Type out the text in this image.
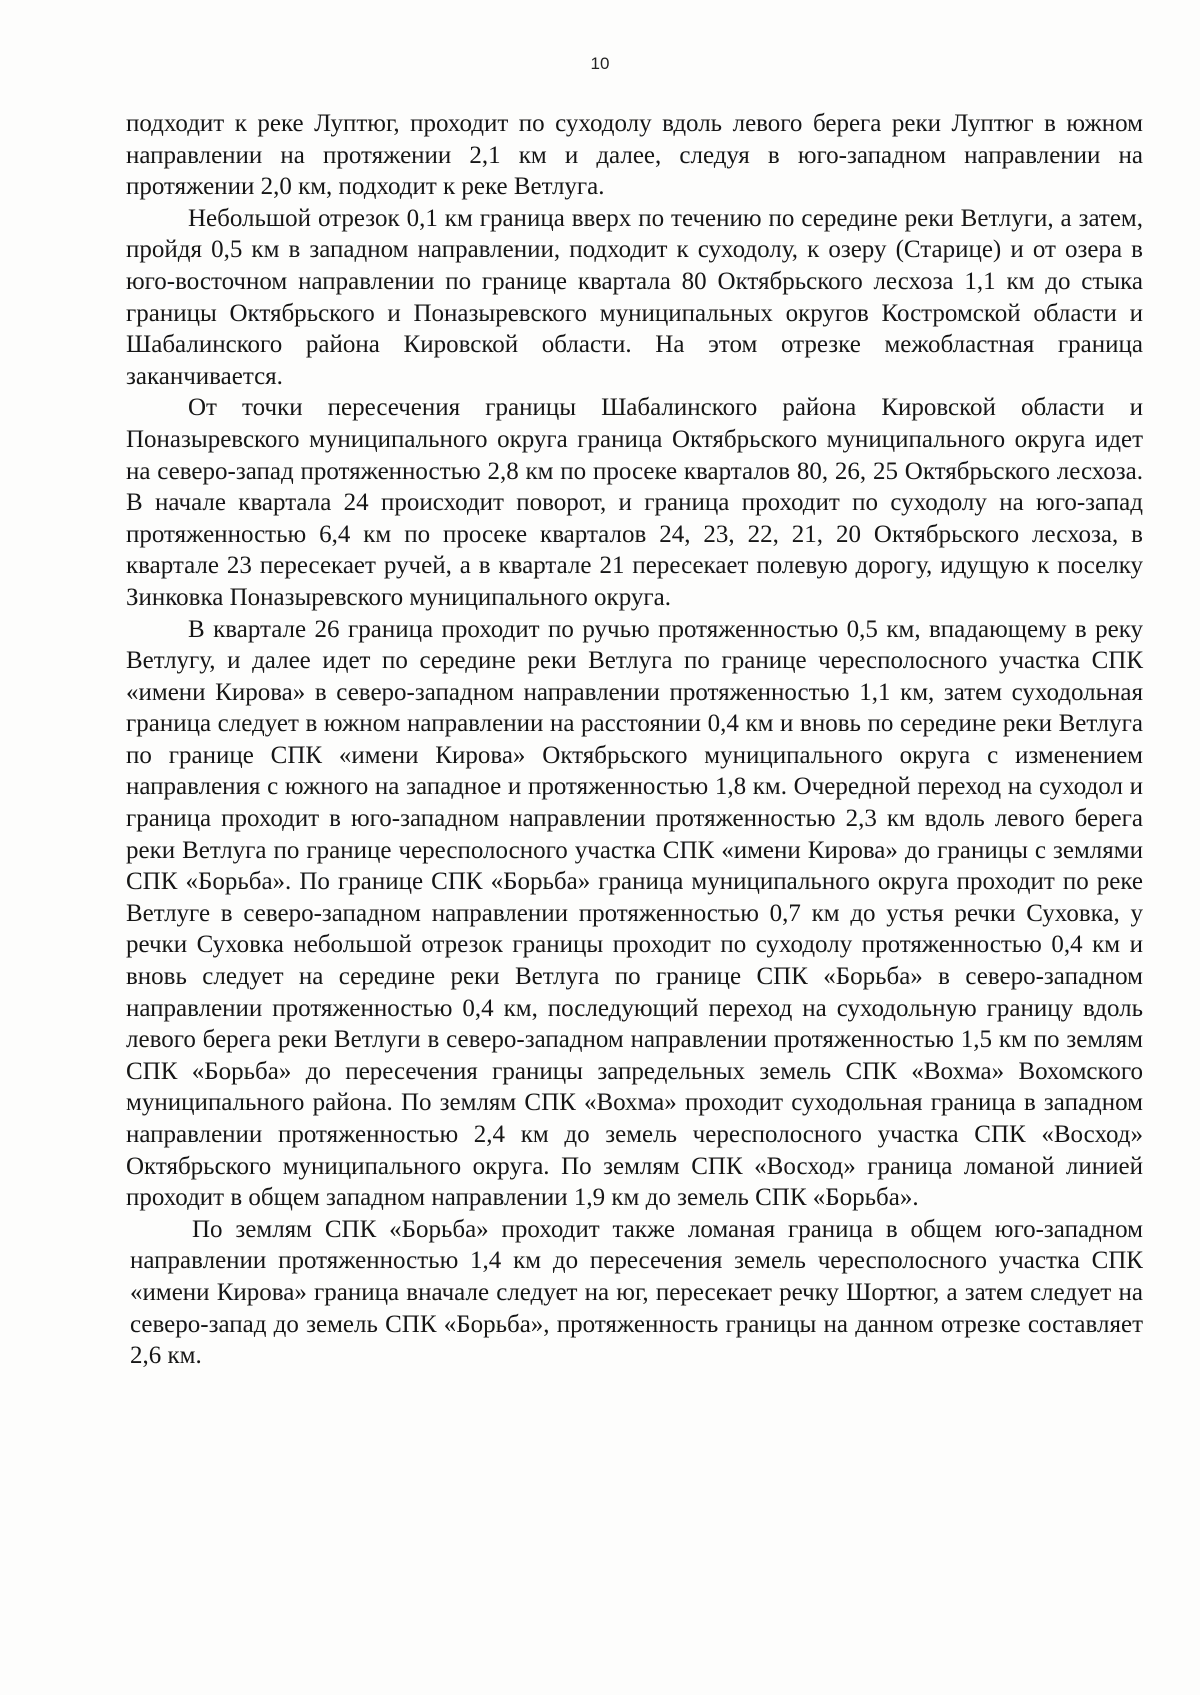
10

подходит к реке Луптюг, проходит по суходолу вдоль левого берега реки Луптюг в южном направлении на протяжении 2,1 км и далее, следуя в юго-западном направлении на протяжении 2,0 км, подходит к реке Ветлуга.

Небольшой отрезок 0,1 км граница вверх по течению по середине реки Ветлуги, а затем, пройдя 0,5 км в западном направлении, подходит к суходолу, к озеру (Старице) и от озера в юго-восточном направлении по границе квартала 80 Октябрьского лесхоза 1,1 км до стыка границы Октябрьского и Поназыревского муниципальных округов Костромской области и Шабалинского района Кировской области. На этом отрезке межобластная граница заканчивается.

От точки пересечения границы Шабалинского района Кировской области и Поназыревского муниципального округа граница Октябрьского муниципального округа идет на северо-запад протяженностью 2,8 км по просеке кварталов 80, 26, 25 Октябрьского лесхоза. В начале квартала 24 происходит поворот, и граница проходит по суходолу на юго-запад протяженностью 6,4 км по просеке кварталов 24, 23, 22, 21, 20 Октябрьского лесхоза, в квартале 23 пересекает ручей, а в квартале 21 пересекает полевую дорогу, идущую к поселку Зинковка Поназыревского муниципального округа.

В квартале 26 граница проходит по ручью протяженностью 0,5 км, впадающему в реку Ветлугу, и далее идет по середине реки Ветлуга по границе чересполосного участка СПК «имени Кирова» в северо-западном направлении протяженностью 1,1 км, затем суходольная граница следует в южном направлении на расстоянии 0,4 км и вновь по середине реки Ветлуга по границе СПК «имени Кирова» Октябрьского муниципального округа с изменением направления с южного на западное и протяженностью 1,8 км. Очередной переход на суходол и граница проходит в юго-западном направлении протяженностью 2,3 км вдоль левого берега реки Ветлуга по границе чересполосного участка СПК «имени Кирова» до границы с землями СПК «Борьба». По границе СПК «Борьба» граница муниципального округа проходит по реке Ветлуге в северо-западном направлении протяженностью 0,7 км до устья речки Суховка, у речки Суховка небольшой отрезок границы проходит по суходолу протяженностью 0,4 км и вновь следует на середине реки Ветлуга по границе СПК «Борьба» в северо-западном направлении протяженностью 0,4 км, последующий переход на суходольную границу вдоль левого берега реки Ветлуги в северо-западном направлении протяженностью 1,5 км по землям СПК «Борьба» до пересечения границы запредельных земель СПК «Вохма» Вохомского муниципального района. По землям СПК «Вохма» проходит суходольная граница в западном направлении протяженностью 2,4 км до земель чересполосного участка СПК «Восход» Октябрьского муниципального округа. По землям СПК «Восход» граница ломаной линией проходит в общем западном направлении 1,9 км до земель СПК «Борьба».

По землям СПК «Борьба» проходит также ломаная граница в общем юго-западном направлении протяженностью 1,4 км до пересечения земель чересполосного участка СПК «имени Кирова» граница вначале следует на юг, пересекает речку Шортюг, а затем следует на северо-запад до земель СПК «Борьба», протяженность границы на данном отрезке составляет 2,6 км.
